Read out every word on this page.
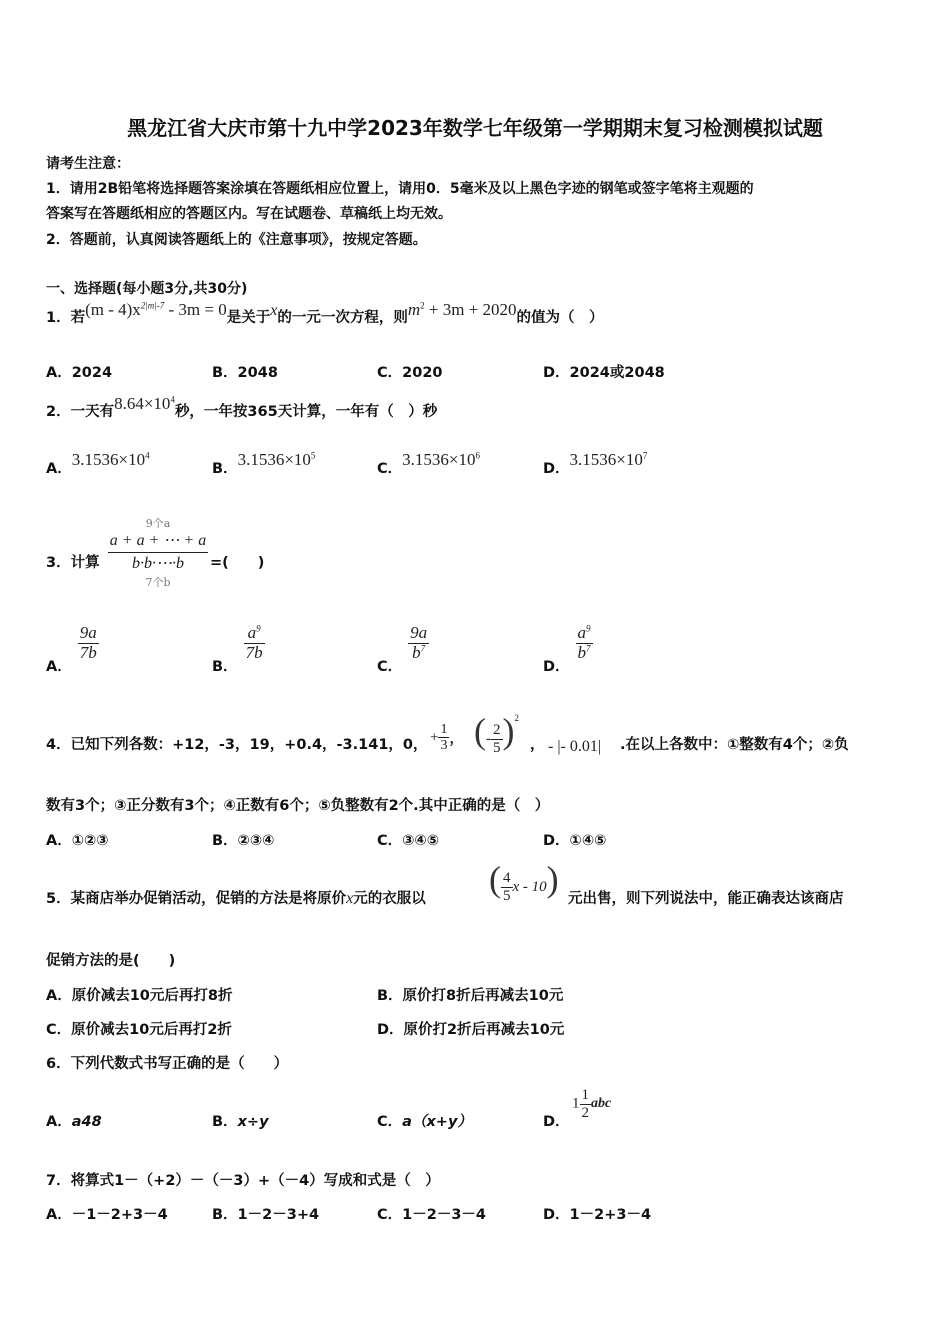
黑龙江省大庆市第十九中学2023年数学七年级第一学期期末复习检测模拟试题
请考生注意：
1．请用2B铅笔将选择题答案涂填在答题纸相应位置上，请用0．5毫米及以上黑色字迹的钢笔或签字笔将主观题的
答案写在答题纸相应的答题区内。写在试题卷、草稿纸上均无效。
2．答题前，认真阅读答题纸上的《注意事项》，按规定答题。
一、选择题(每小题3分,共30分)
1．若$(m - 4)x^{2|m|-7} - 3m = 0$是关于x的一元一次方程，则$m^2 + 3m + 2020$的值为（　）
A．2024	B．2048	C．2020	D．2024或2048
2．一天有$8.64\times 10^4$秒，一年按365天计算，一年有（　）秒
A．$3.1536\times 10^4$
B．$3.1536\times 10^5$
C．$3.1536\times 10^6$
D．$3.1536\times 10^7$
3．计算
9个a
a + a + ⋯ + a
b·b·⋯·b
7个b
=(　　)
A．
$\frac{9a}{7b}$
B．
$\frac{a^9}{7b}$
C．
$\frac{9a}{b^7}$
D．
$\frac{a^9}{b^7}$
4．已知下列各数：+12，-3，19，+0.4，-3.141，0， + $\frac{1}{3}$ ， (- $\frac{2}{5} )^2$
， - |- 0.01| .在以上各数中：①整数有4个；②负
数有3个；③正分数有3个；④正数有6个；⑤负整数有2个.其中正确的是（　）
A．①②③	B．②③④	C．③④⑤	D．①④⑤
5．某商店举办促销活动，促销的方法是将原价x元的衣服以 ( $\frac{4}{5}$ x - 10) 元出售，则下列说法中，能正确表达该商店
促销方法的是(　　)
A．原价减去10元后再打8折	B．原价打8折后再减去10元
C．原价减去10元后再打2折	D．原价打2折后再减去10元
6．下列代数式书写正确的是（　　）
A．a48	B．x÷y	C．a（x+y）	D．
$1 \frac{1}{2}$ abc
7．将算式1－（+2）－（－3）+（－4）写成和式是（　）
A．－1－2+3－4	B．1－2－3+4	C．1－2－3－4	D．1－2+3－4
